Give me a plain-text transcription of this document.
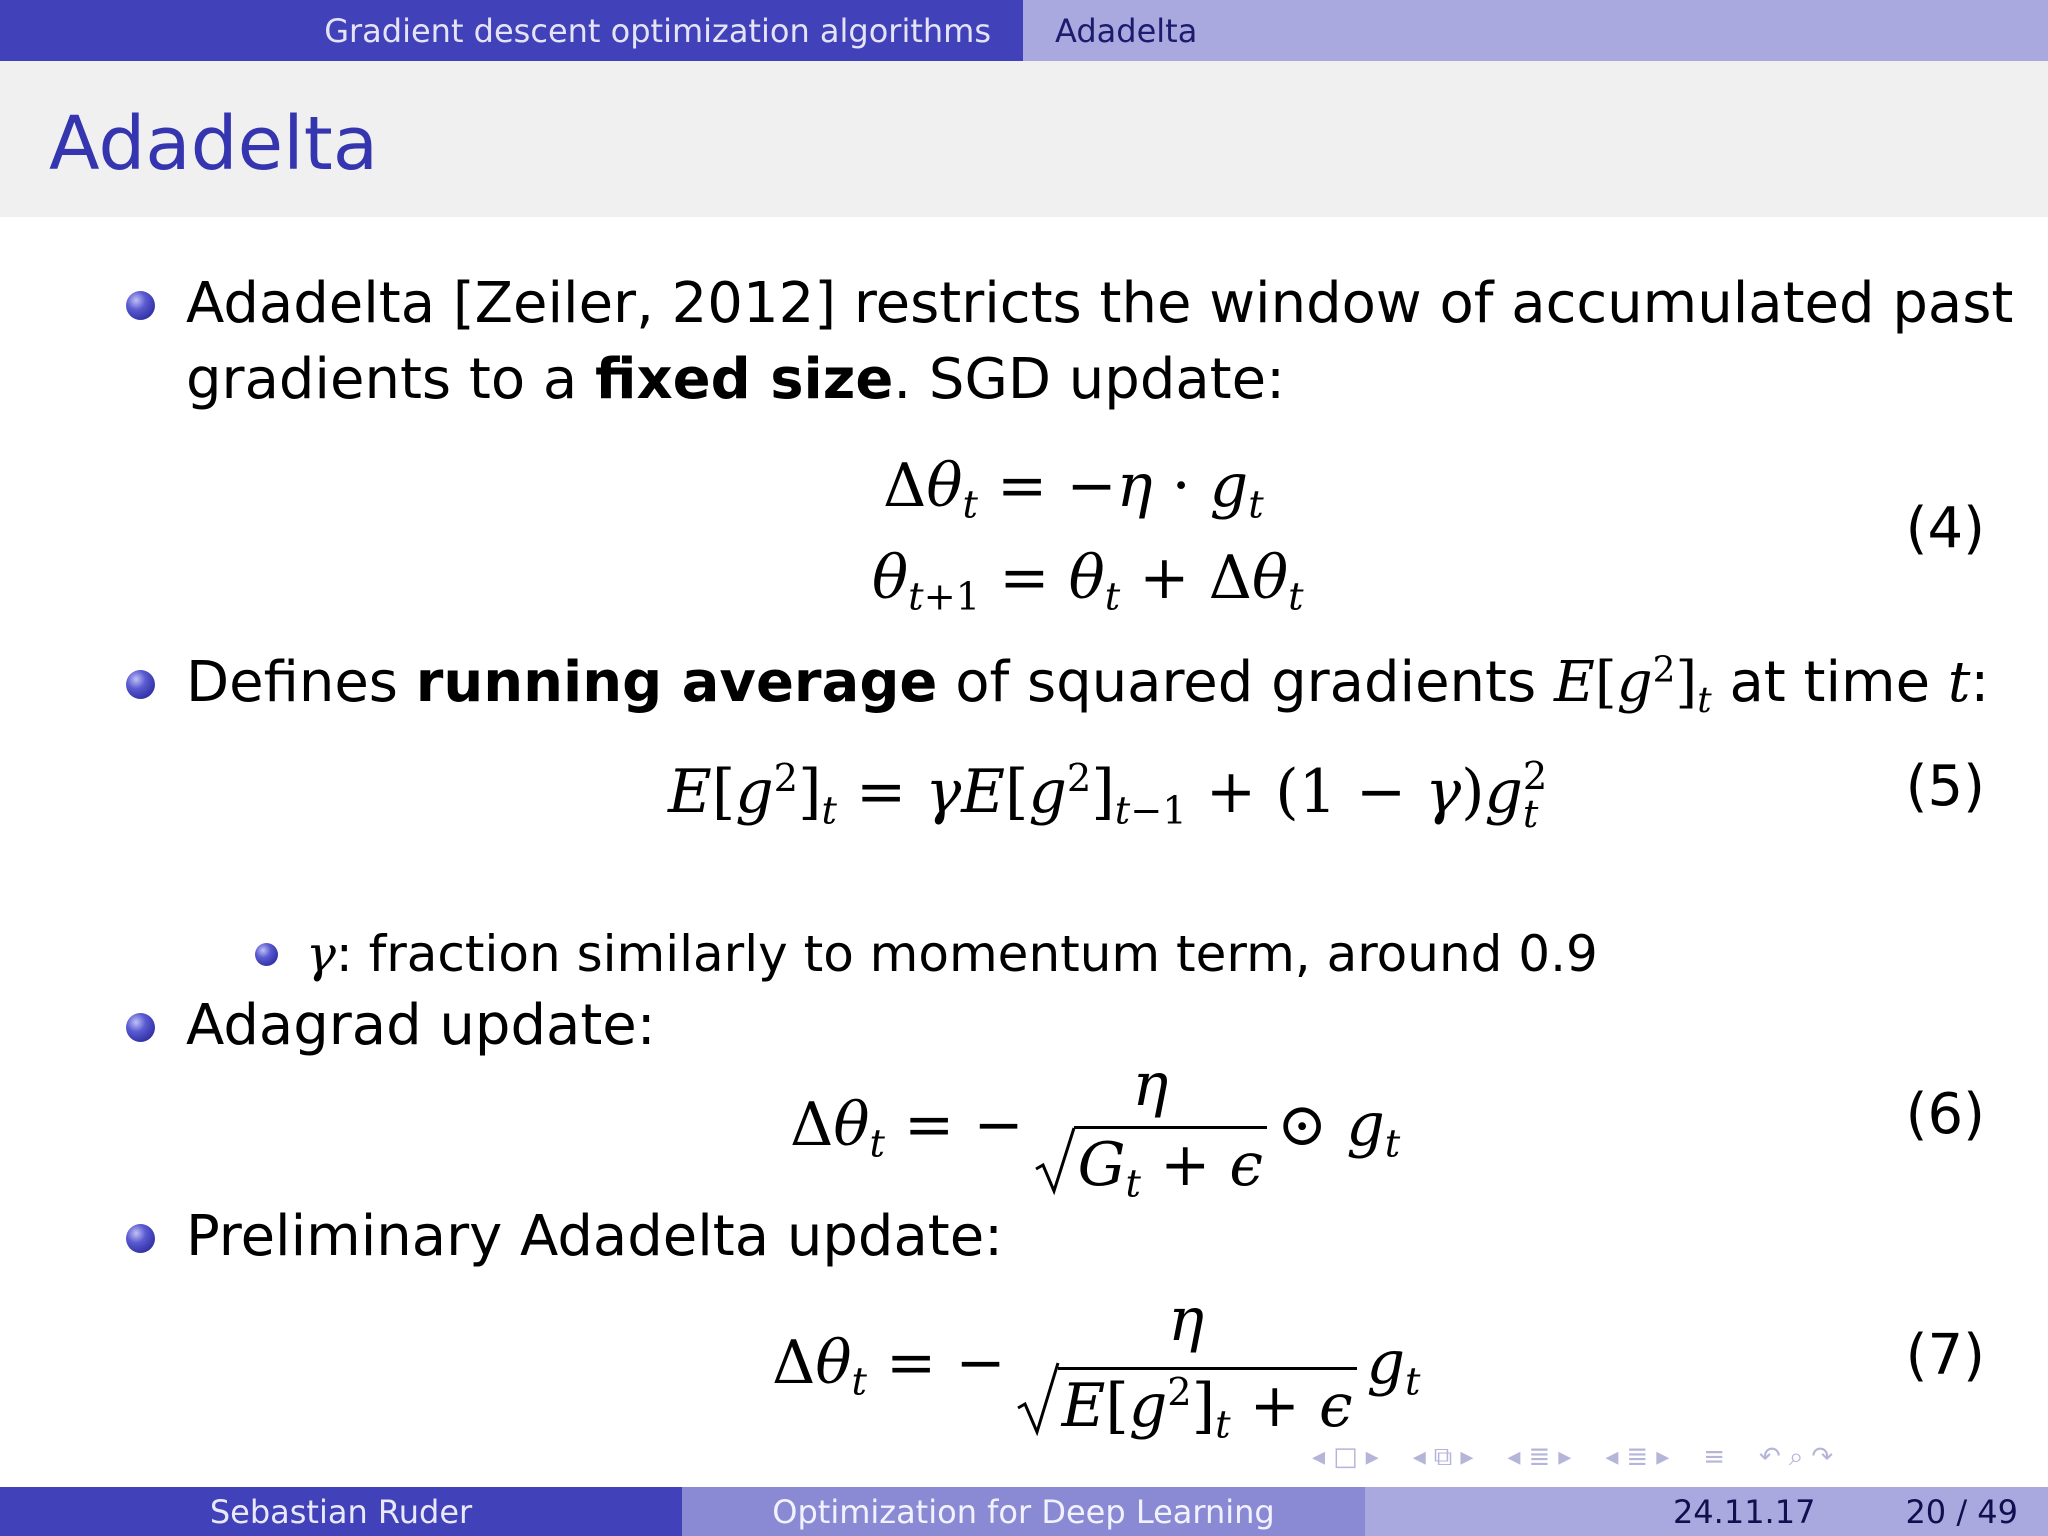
Gradient descent optimization algorithms	Adadelta
Adadelta
Adadelta [Zeiler, 2012] restricts the window of accumulated past
gradients to a fixed size. SGD update:
$\Delta\theta_t = -\eta \cdot g_t$
$\theta_{t+1} = \theta_t + \Delta\theta_t$
(4)
Defines running average of squared gradients $E[g^2]_t$ at time t:
$E[g^2]_t = \gamma E[g^2]_{t-1} + (1 - \gamma)g$ 2
t	(5)
γ: fraction similarly to momentum term, around 0.9
Adagrad update:
$\Delta\theta_t$ = −
η
$G_t + \epsilon$
⊙ $g_t$	(6)
Preliminary Adadelta update:
$\Delta\theta_t$ = −
η
$E[g^2]_t + \epsilon$
$g_t$	(7)
◂ □ ▸ ◂ ⧉ ▸ ◂ ≣ ▸ ◂ ≣ ▸ ≡ ↶ ⌕ ↷
Sebastian Ruder	Optimization for Deep Learning	24.11.17	20 / 49
